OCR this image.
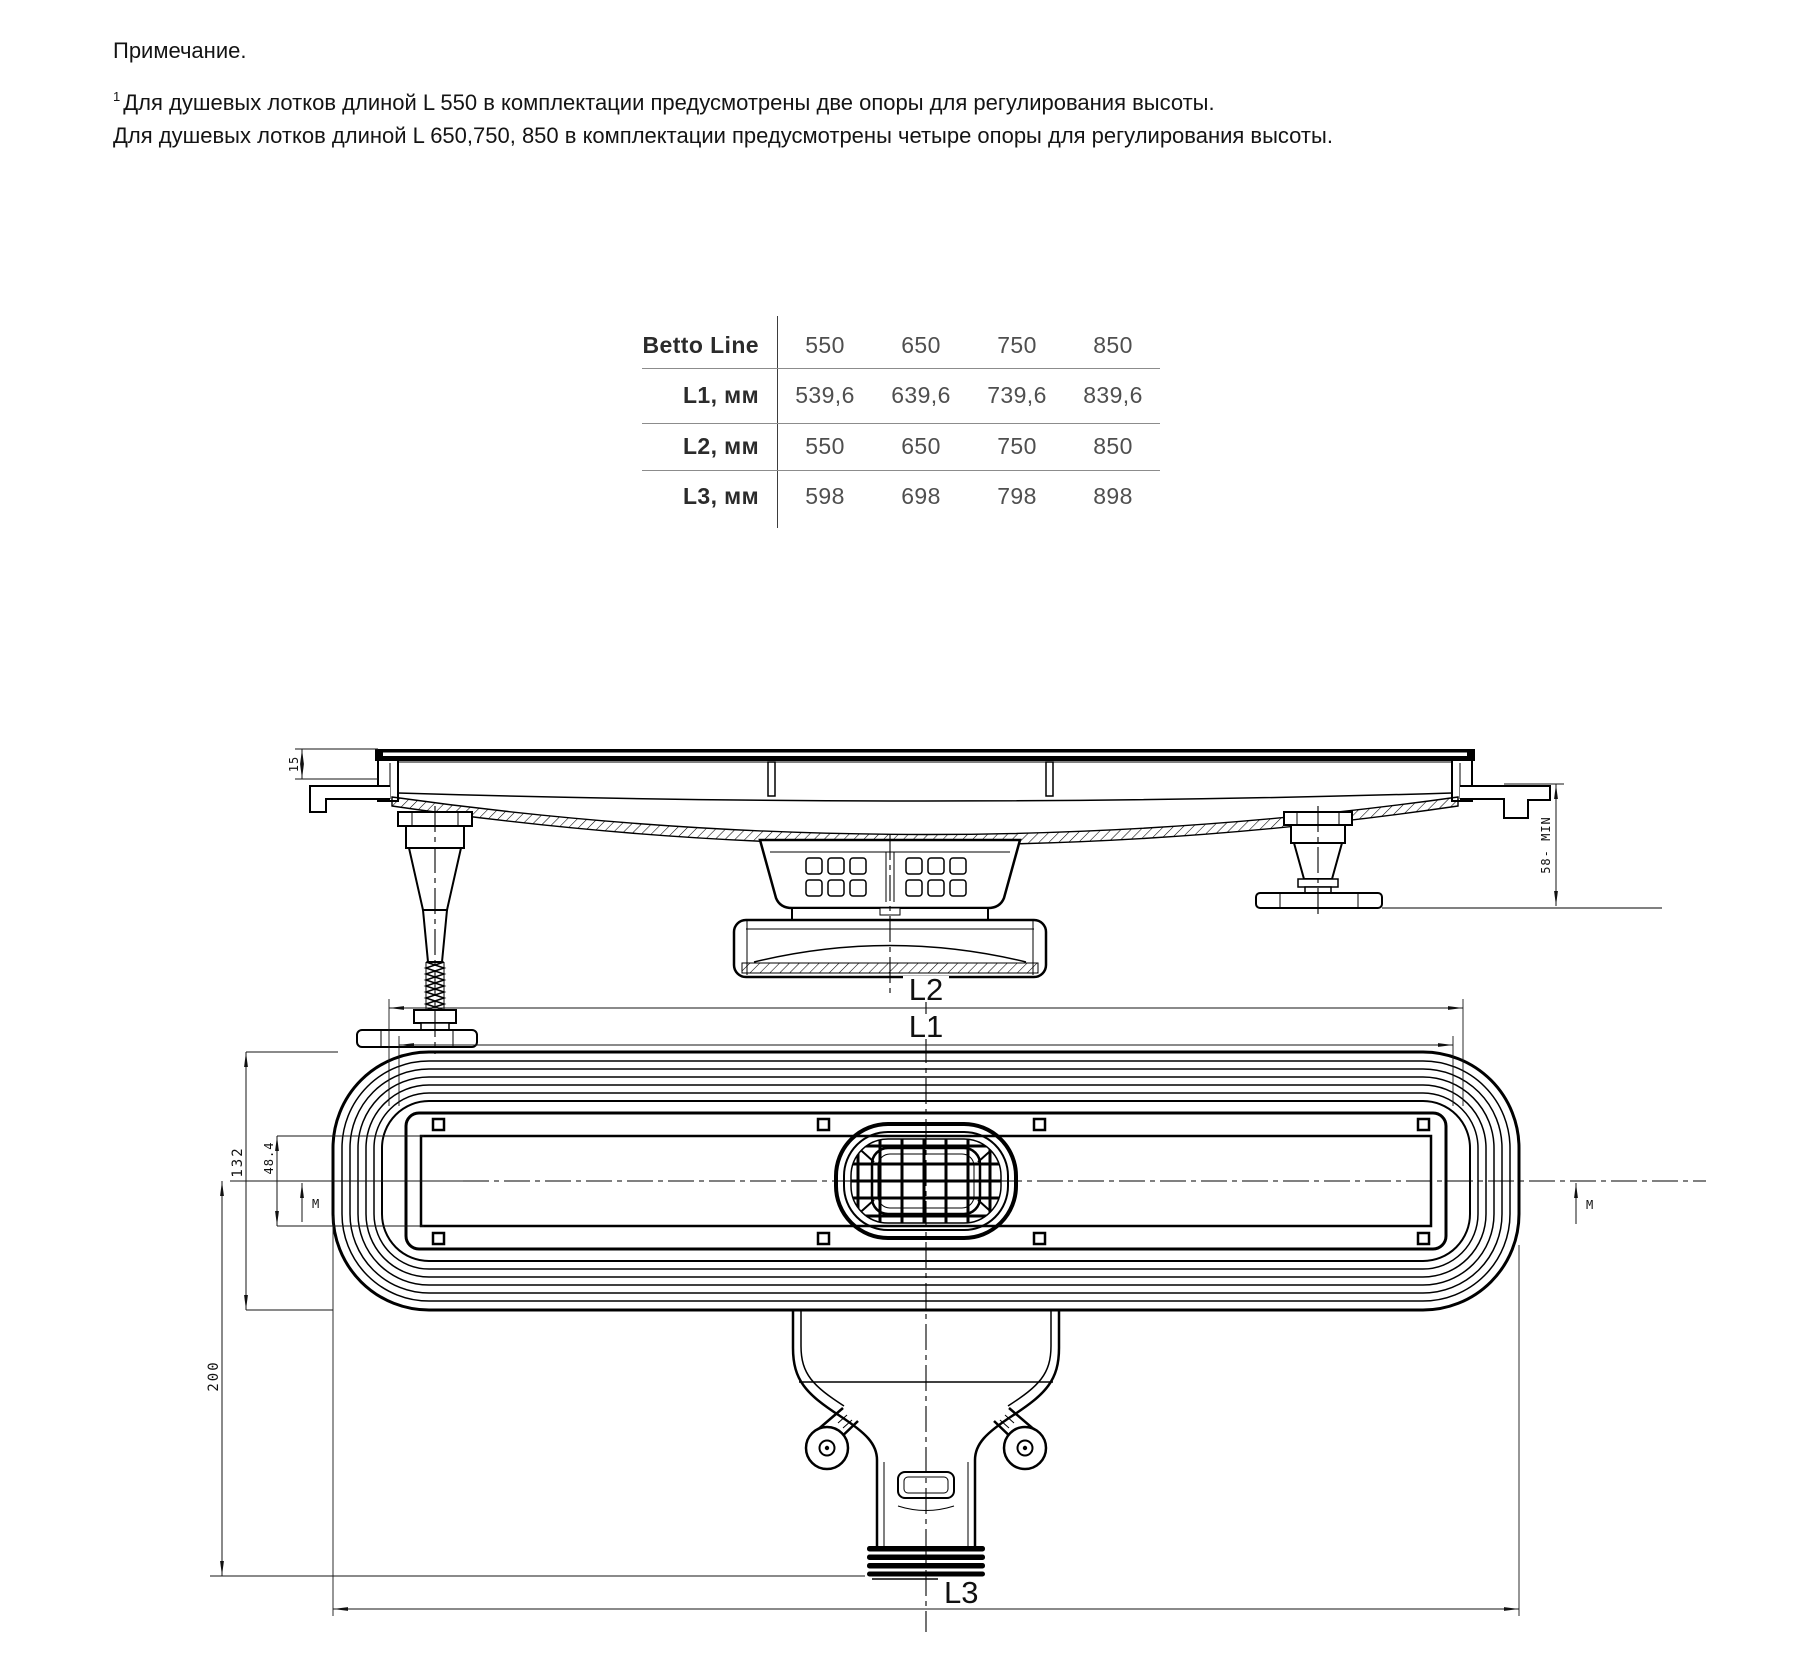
Примечание.
$^1$ Для душевых лотков длиной L 550 в комплектации предусмотрены две опоры для регулирования высоты.
Для душевых лотков длиной L 650,750, 850 в комплектации предусмотрены четыре опоры для регулирования высоты.
Betto Line	550	650	750	850
L1, мм	539,6	639,6	739,6	839,6
L2, мм	550	650	750	850
L3, мм	598	698	798	898
15
58- MIN
L2
L1
132 48.4
200
M	M
L3
